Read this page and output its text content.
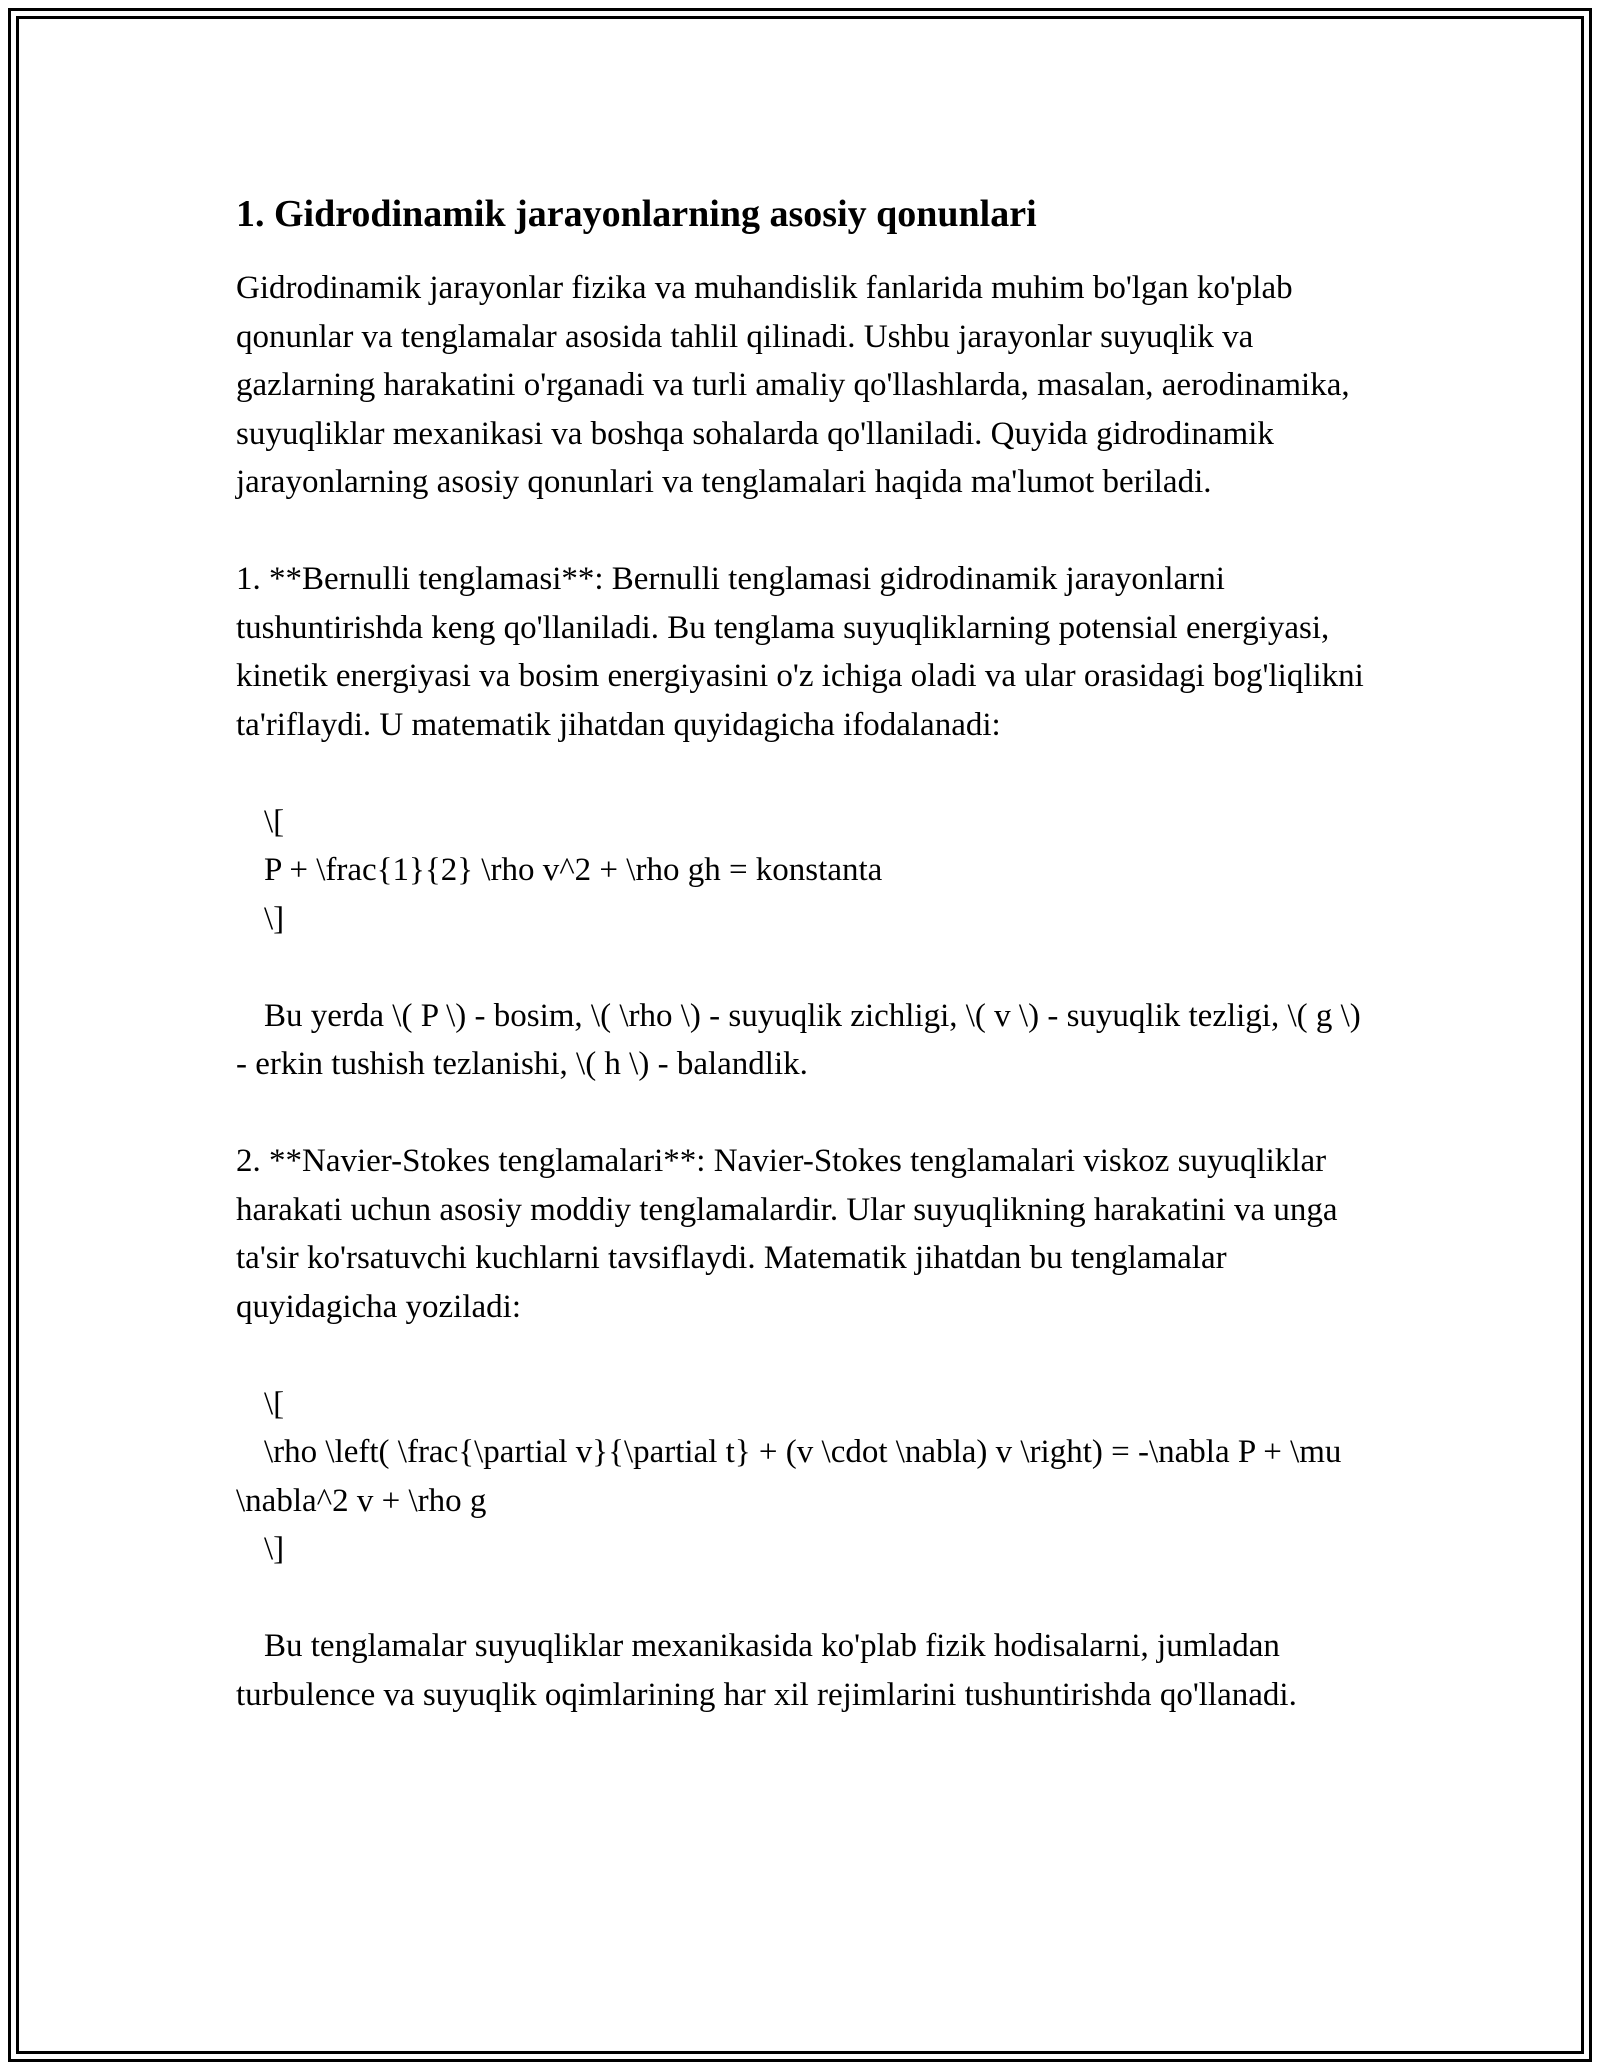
1. Gidrodinamik jarayonlarning asosiy qonunlari

Gidrodinamik jarayonlar fizika va muhandislik fanlarida muhim bo'lgan ko'plab qonunlar va tenglamalar asosida tahlil qilinadi. Ushbu jarayonlar suyuqlik va gazlarning harakatini o'rganadi va turli amaliy qo'llashlarda, masalan, aerodinamika, suyuqliklar mexanikasi va boshqa sohalarda qo'llaniladi. Quyida gidrodinamik jarayonlarning asosiy qonunlari va tenglamalari haqida ma'lumot beriladi.

1. **Bernulli tenglamasi**: Bernulli tenglamasi gidrodinamik jarayonlarni tushuntirishda keng qo'llaniladi. Bu tenglama suyuqliklarning potensial energiyasi, kinetik energiyasi va bosim energiyasini o'z ichiga oladi va ular orasidagi bog'liqlikni ta'riflaydi. U matematik jihatdan quyidagicha ifodalanadi:

\[
P + \frac{1}{2} \rho v^2 + \rho gh = konstanta
\]

Bu yerda \( P \) - bosim, \( \rho \) - suyuqlik zichligi, \( v \) - suyuqlik tezligi, \( g \) - erkin tushish tezlanishi, \( h \) - balandlik.

2. **Navier-Stokes tenglamalari**: Navier-Stokes tenglamalari viskoz suyuqliklar harakati uchun asosiy moddiy tenglamalardir. Ular suyuqlikning harakatini va unga ta'sir ko'rsatuvchi kuchlarni tavsiflaydi. Matematik jihatdan bu tenglamalar quyidagicha yoziladi:

\[
\rho \left( \frac{\partial v}{\partial t} + (v \cdot \nabla) v \right) = -\nabla P + \mu \nabla^2 v + \rho g
\]

Bu tenglamalar suyuqliklar mexanikasida ko'plab fizik hodisalarni, jumladan turbulence va suyuqlik oqimlarining har xil rejimlarini tushuntirishda qo'llanadi.
